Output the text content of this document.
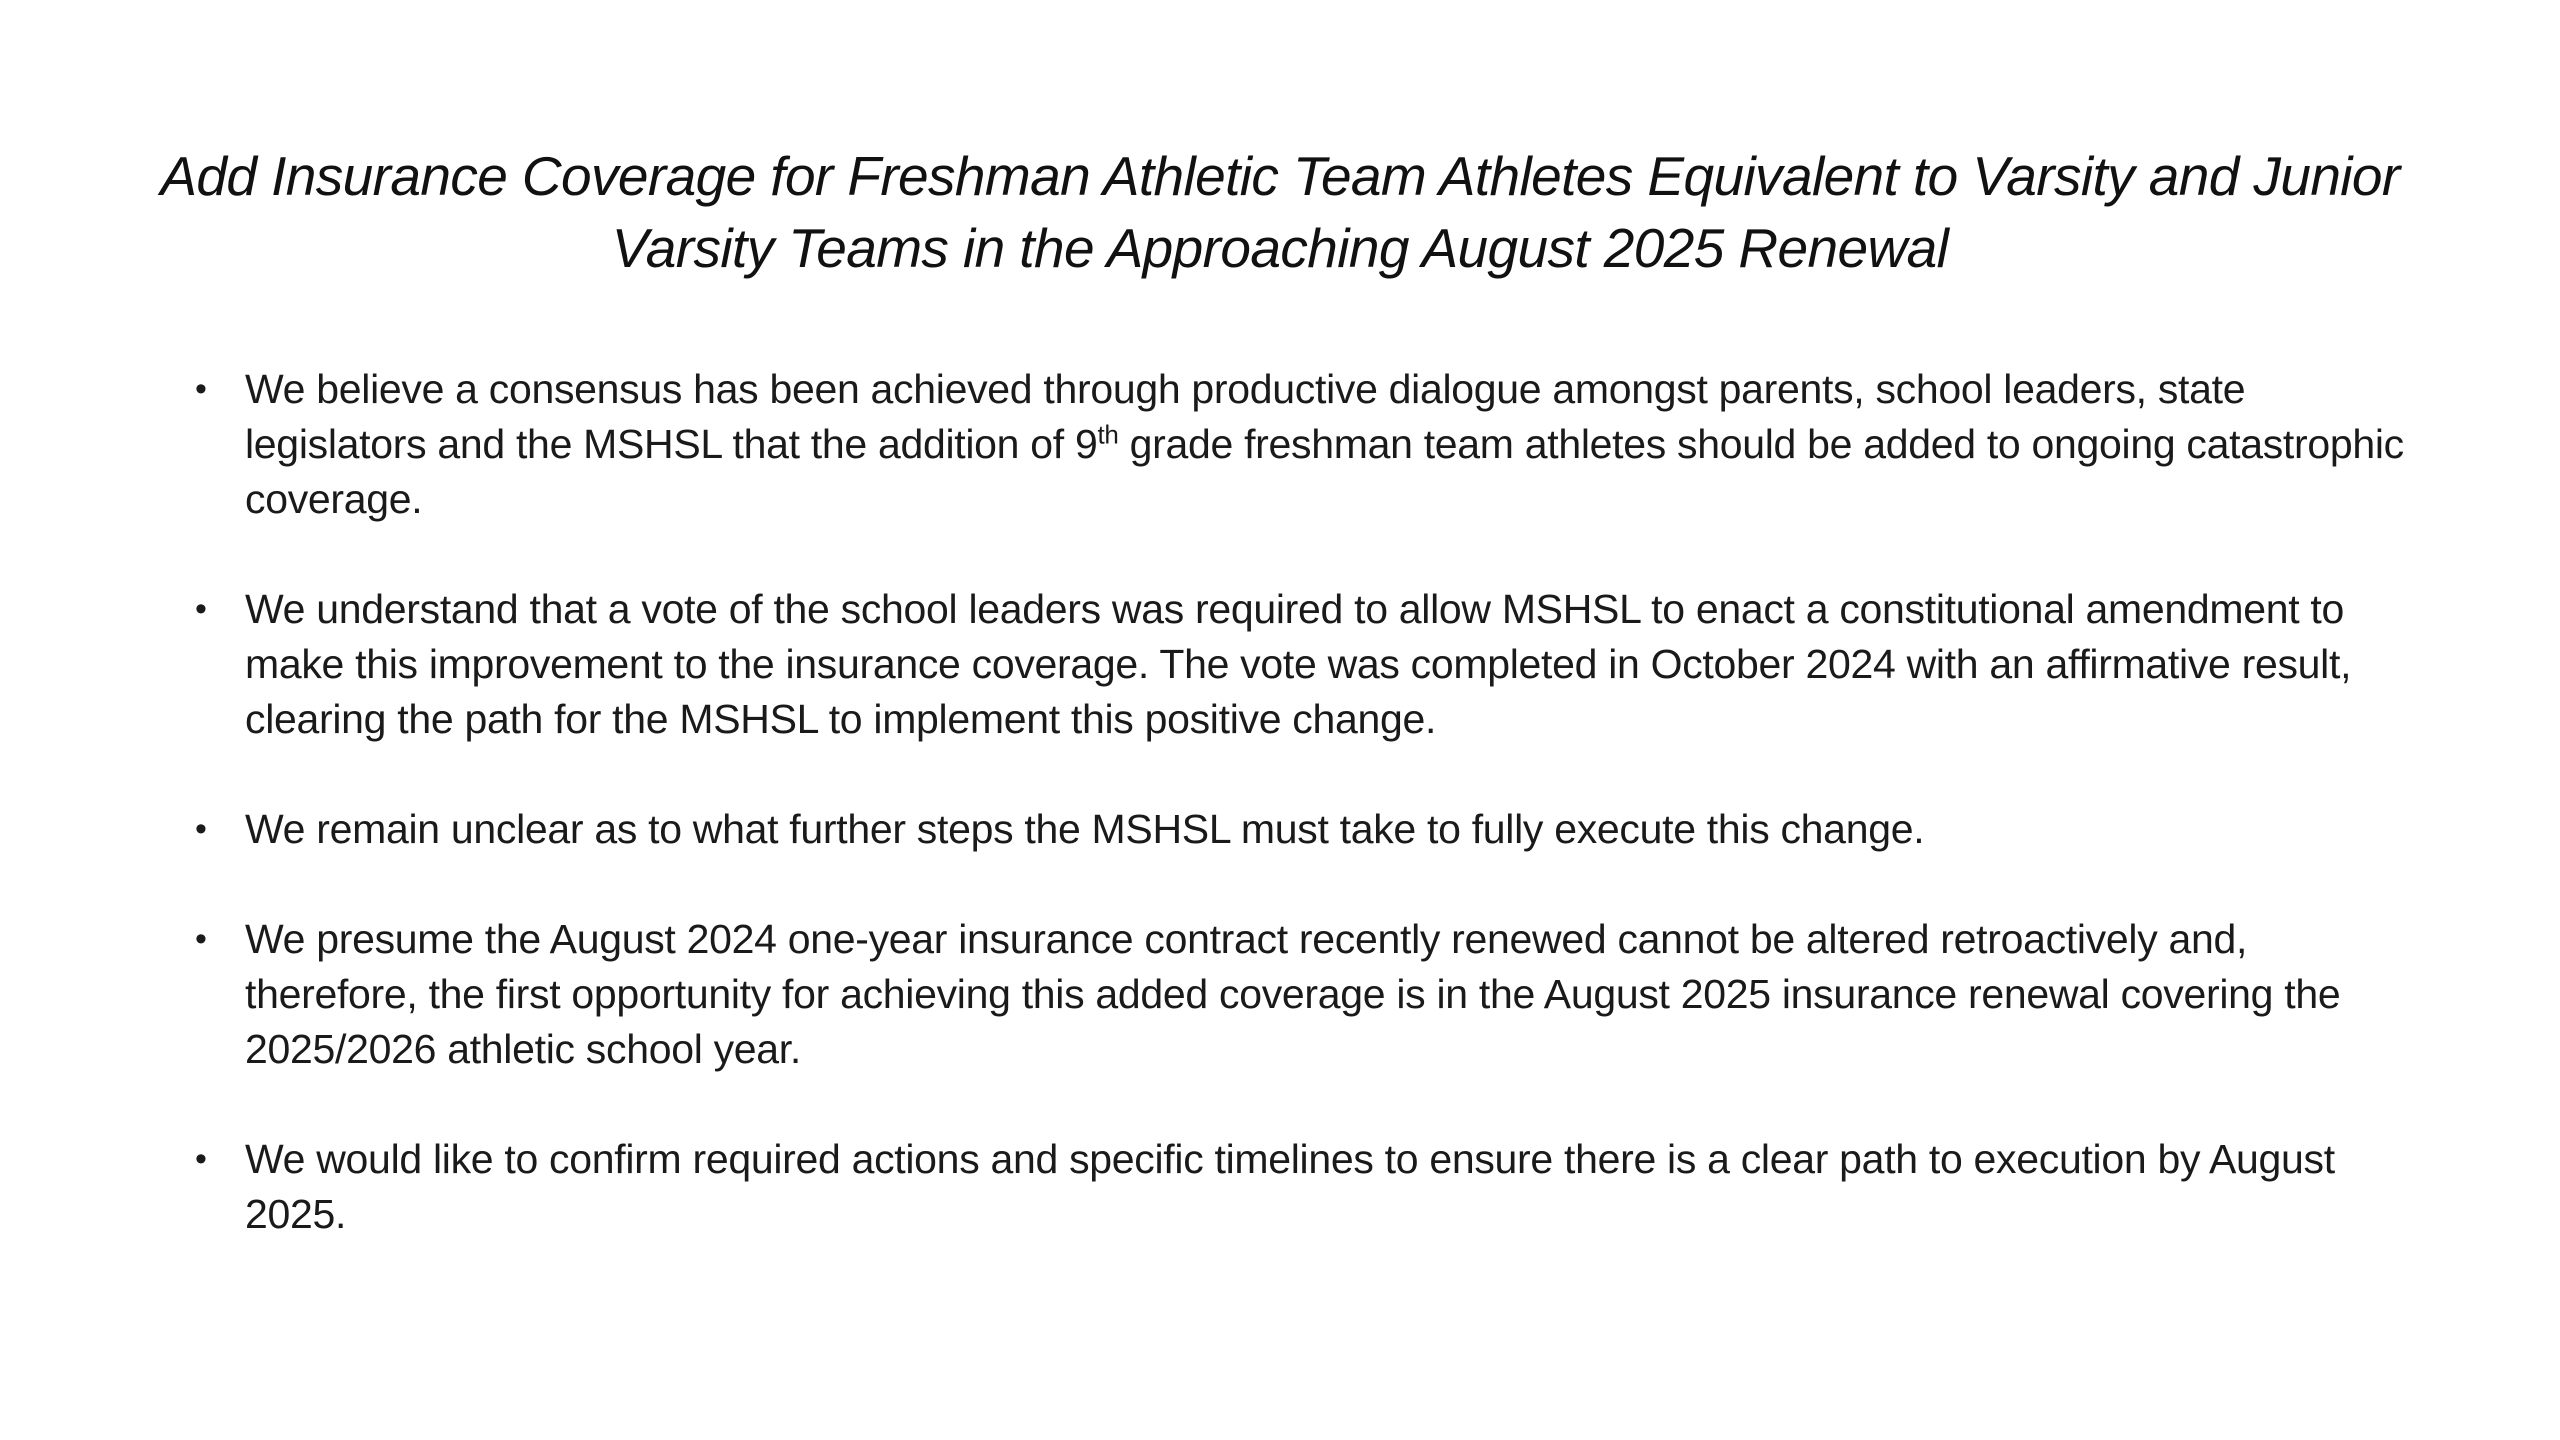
Add Insurance Coverage for Freshman Athletic Team Athletes Equivalent to Varsity and Junior Varsity Teams in the Approaching August 2025 Renewal
• We believe a consensus has been achieved through productive dialogue amongst parents, school leaders, state legislators and the MSHSL that the addition of 9th grade freshman team athletes should be added to ongoing catastrophic coverage.
• We understand that a vote of the school leaders was required to allow MSHSL to enact a constitutional amendment to make this improvement to the insurance coverage. The vote was completed in October 2024 with an affirmative result, clearing the path for the MSHSL to implement this positive change.
• We remain unclear as to what further steps the MSHSL must take to fully execute this change.
• We presume the August 2024 one-year insurance contract recently renewed cannot be altered retroactively and, therefore, the first opportunity for achieving this added coverage is in the August 2025 insurance renewal covering the 2025/2026 athletic school year.
• We would like to confirm required actions and specific timelines to ensure there is a clear path to execution by August 2025.
